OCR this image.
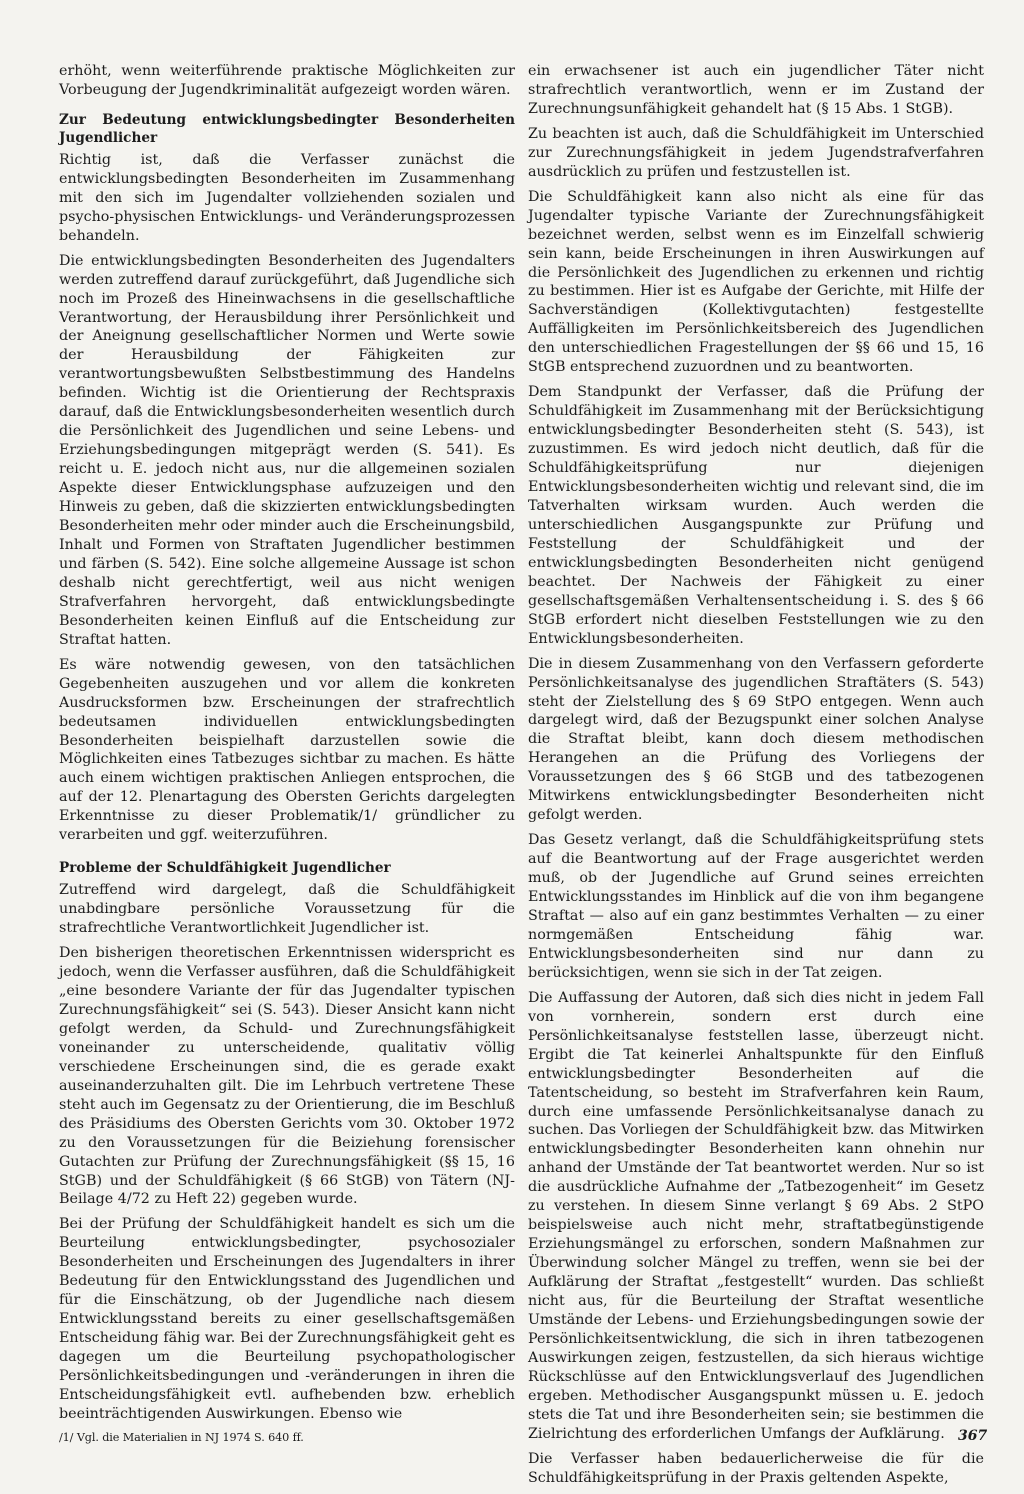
erhöht, wenn weiterführende praktische Möglichkeiten zur Vorbeugung der Jugendkriminalität aufgezeigt worden wären.

Zur Bedeutung entwicklungsbedingter Besonderheiten Jugendlicher

Richtig ist, daß die Verfasser zunächst die entwicklungsbedingten Besonderheiten im Zusammenhang mit den sich im Jugendalter vollziehenden sozialen und psycho-physischen Entwicklungs- und Veränderungsprozessen behandeln.

Die entwicklungsbedingten Besonderheiten des Jugendalters werden zutreffend darauf zurückgeführt, daß Jugendliche sich noch im Prozeß des Hineinwachsens in die gesellschaftliche Verantwortung, der Herausbildung ihrer Persönlichkeit und der Aneignung gesellschaftlicher Normen und Werte sowie der Herausbildung der Fähigkeiten zur verantwortungsbewußten Selbstbestimmung des Handelns befinden. Wichtig ist die Orientierung der Rechtspraxis darauf, daß die Entwicklungsbesonderheiten wesentlich durch die Persönlichkeit des Jugendlichen und seine Lebens- und Erziehungsbedingungen mitgeprägt werden (S. 541). Es reicht u. E. jedoch nicht aus, nur die allgemeinen sozialen Aspekte dieser Entwicklungsphase aufzuzeigen und den Hinweis zu geben, daß die skizzierten entwicklungsbedingten Besonderheiten mehr oder minder auch die Erscheinungsbild, Inhalt und Formen von Straftaten Jugendlicher bestimmen und färben (S. 542). Eine solche allgemeine Aussage ist schon deshalb nicht gerechtfertigt, weil aus nicht wenigen Strafverfahren hervorgeht, daß entwicklungsbedingte Besonderheiten keinen Einfluß auf die Entscheidung zur Straftat hatten.

Es wäre notwendig gewesen, von den tatsächlichen Gegebenheiten auszugehen und vor allem die konkreten Ausdrucksformen bzw. Erscheinungen der strafrechtlich bedeutsamen individuellen entwicklungsbedingten Besonderheiten beispielhaft darzustellen sowie die Möglichkeiten eines Tatbezuges sichtbar zu machen. Es hätte auch einem wichtigen praktischen Anliegen entsprochen, die auf der 12. Plenartagung des Obersten Gerichts dargelegten Erkenntnisse zu dieser Problematik/1/ gründlicher zu verarbeiten und ggf. weiterzuführen.

Probleme der Schuldfähigkeit Jugendlicher

Zutreffend wird dargelegt, daß die Schuldfähigkeit unabdingbare persönliche Voraussetzung für die strafrechtliche Verantwortlichkeit Jugendlicher ist.

Den bisherigen theoretischen Erkenntnissen widerspricht es jedoch, wenn die Verfasser ausführen, daß die Schuldfähigkeit „eine besondere Variante der für das Jugendalter typischen Zurechnungsfähigkeit“ sei (S. 543). Dieser Ansicht kann nicht gefolgt werden, da Schuld- und Zurechnungsfähigkeit voneinander zu unterscheidende, qualitativ völlig verschiedene Erscheinungen sind, die es gerade exakt auseinanderzuhalten gilt. Die im Lehrbuch vertretene These steht auch im Gegensatz zu der Orientierung, die im Beschluß des Präsidiums des Obersten Gerichts vom 30. Oktober 1972 zu den Voraussetzungen für die Beiziehung forensischer Gutachten zur Prüfung der Zurechnungsfähigkeit (§§ 15, 16 StGB) und der Schuldfähigkeit (§ 66 StGB) von Tätern (NJ-Beilage 4/72 zu Heft 22) gegeben wurde.

Bei der Prüfung der Schuldfähigkeit handelt es sich um die Beurteilung entwicklungsbedingter, psychosozialer Besonderheiten und Erscheinungen des Jugendalters in ihrer Bedeutung für den Entwicklungsstand des Jugendlichen und für die Einschätzung, ob der Jugendliche nach diesem Entwicklungsstand bereits zu einer gesellschaftsgemäßen Entscheidung fähig war. Bei der Zurechnungsfähigkeit geht es dagegen um die Beurteilung psychopathologischer Persönlichkeitsbedingungen und -veränderungen in ihren die Entscheidungsfähigkeit evtl. aufhebenden bzw. erheblich beeinträchtigenden Auswirkungen. Ebenso wie

/1/ Vgl. die Materialien in NJ 1974 S. 640 ff.

ein erwachsener ist auch ein jugendlicher Täter nicht strafrechtlich verantwortlich, wenn er im Zustand der Zurechnungsunfähigkeit gehandelt hat (§ 15 Abs. 1 StGB).

Zu beachten ist auch, daß die Schuldfähigkeit im Unterschied zur Zurechnungsfähigkeit in jedem Jugendstrafverfahren ausdrücklich zu prüfen und festzustellen ist.

Die Schuldfähigkeit kann also nicht als eine für das Jugendalter typische Variante der Zurechnungsfähigkeit bezeichnet werden, selbst wenn es im Einzelfall schwierig sein kann, beide Erscheinungen in ihren Auswirkungen auf die Persönlichkeit des Jugendlichen zu erkennen und richtig zu bestimmen. Hier ist es Aufgabe der Gerichte, mit Hilfe der Sachverständigen (Kollektivgutachten) festgestellte Auffälligkeiten im Persönlichkeitsbereich des Jugendlichen den unterschiedlichen Fragestellungen der §§ 66 und 15, 16 StGB entsprechend zuzuordnen und zu beantworten.

Dem Standpunkt der Verfasser, daß die Prüfung der Schuldfähigkeit im Zusammenhang mit der Berücksichtigung entwicklungsbedingter Besonderheiten steht (S. 543), ist zuzustimmen. Es wird jedoch nicht deutlich, daß für die Schuldfähigkeitsprüfung nur diejenigen Entwicklungsbesonderheiten wichtig und relevant sind, die im Tatverhalten wirksam wurden. Auch werden die unterschiedlichen Ausgangspunkte zur Prüfung und Feststellung der Schuldfähigkeit und der entwicklungsbedingten Besonderheiten nicht genügend beachtet. Der Nachweis der Fähigkeit zu einer gesellschaftsgemäßen Verhaltensentscheidung i. S. des § 66 StGB erfordert nicht dieselben Feststellungen wie zu den Entwicklungsbesonderheiten.

Die in diesem Zusammenhang von den Verfassern geforderte Persönlichkeitsanalyse des jugendlichen Straftäters (S. 543) steht der Zielstellung des § 69 StPO entgegen. Wenn auch dargelegt wird, daß der Bezugspunkt einer solchen Analyse die Straftat bleibt, kann doch diesem methodischen Herangehen an die Prüfung des Vorliegens der Voraussetzungen des § 66 StGB und des tatbezogenen Mitwirkens entwicklungsbedingter Besonderheiten nicht gefolgt werden.

Das Gesetz verlangt, daß die Schuldfähigkeitsprüfung stets auf die Beantwortung auf der Frage ausgerichtet werden muß, ob der Jugendliche auf Grund seines erreichten Entwicklungsstandes im Hinblick auf die von ihm begangene Straftat — also auf ein ganz bestimmtes Verhalten — zu einer normgemäßen Entscheidung fähig war. Entwicklungsbesonderheiten sind nur dann zu berücksichtigen, wenn sie sich in der Tat zeigen.

Die Auffassung der Autoren, daß sich dies nicht in jedem Fall von vornherein, sondern erst durch eine Persönlichkeitsanalyse feststellen lasse, überzeugt nicht. Ergibt die Tat keinerlei Anhaltspunkte für den Einfluß entwicklungsbedingter Besonderheiten auf die Tatentscheidung, so besteht im Strafverfahren kein Raum, durch eine umfassende Persönlichkeitsanalyse danach zu suchen. Das Vorliegen der Schuldfähigkeit bzw. das Mitwirken entwicklungsbedingter Besonderheiten kann ohnehin nur anhand der Umstände der Tat beantwortet werden. Nur so ist die ausdrückliche Aufnahme der „Tatbezogenheit“ im Gesetz zu verstehen. In diesem Sinne verlangt § 69 Abs. 2 StPO beispielsweise auch nicht mehr, straftatbegünstigende Erziehungsmängel zu erforschen, sondern Maßnahmen zur Überwindung solcher Mängel zu treffen, wenn sie bei der Aufklärung der Straftat „festgestellt“ wurden. Das schließt nicht aus, für die Beurteilung der Straftat wesentliche Umstände der Lebens- und Erziehungsbedingungen sowie der Persönlichkeitsentwicklung, die sich in ihren tatbezogenen Auswirkungen zeigen, festzustellen, da sich hieraus wichtige Rückschlüsse auf den Entwicklungsverlauf des Jugendlichen ergeben. Methodischer Ausgangspunkt müssen u. E. jedoch stets die Tat und ihre Besonderheiten sein; sie bestimmen die Zielrichtung des erforderlichen Umfangs der Aufklärung.

Die Verfasser haben bedauerlicherweise die für die Schuldfähigkeitsprüfung in der Praxis geltenden Aspekte,

367
